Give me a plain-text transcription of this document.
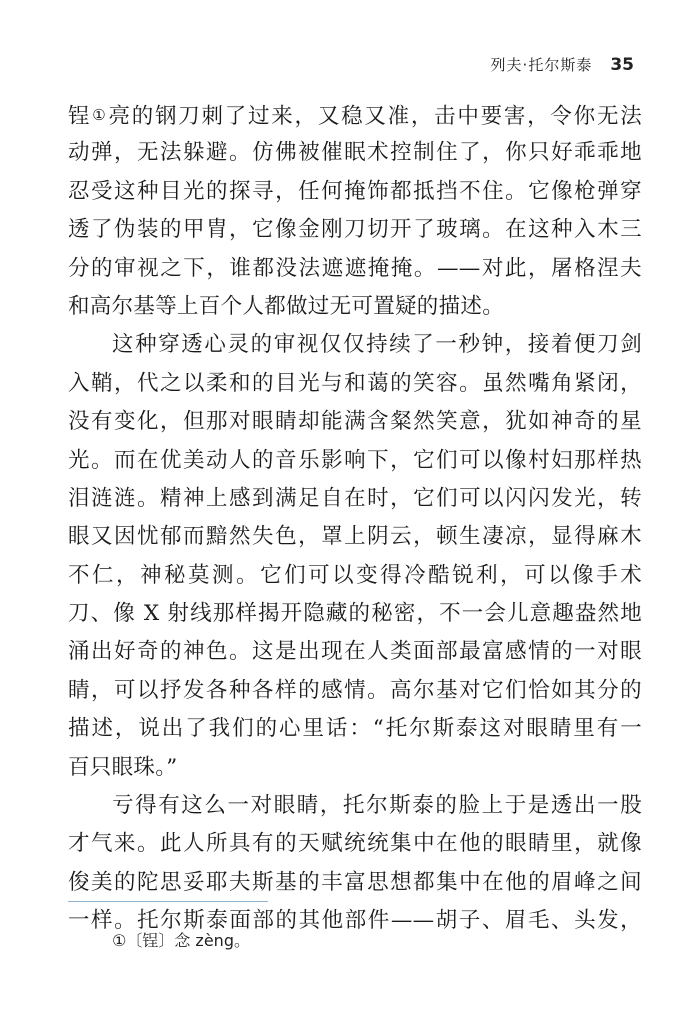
列夫·托尔斯泰 35
锃①亮的钢刀刺了过来，又稳又准，击中要害，令你无法
动弹，无法躲避。仿佛被催眠术控制住了，你只好乖乖地
忍受这种目光的探寻，任何掩饰都抵挡不住。它像枪弹穿
透了伪装的甲胄，它像金刚刀切开了玻璃。在这种入木三
分的审视之下，谁都没法遮遮掩掩。——对此，屠格涅夫
和高尔基等上百个人都做过无可置疑的描述。
这种穿透心灵的审视仅仅持续了一秒钟，接着便刀剑
入鞘，代之以柔和的目光与和蔼的笑容。虽然嘴角紧闭，
没有变化，但那对眼睛却能满含粲然笑意，犹如神奇的星
光。而在优美动人的音乐影响下，它们可以像村妇那样热
泪涟涟。精神上感到满足自在时，它们可以闪闪发光，转
眼又因忧郁而黯然失色，罩上阴云，顿生凄凉，显得麻木
不仁，神秘莫测。它们可以变得冷酷锐利，可以像手术
刀、像 X 射线那样揭开隐藏的秘密，不一会儿意趣盎然地
涌出好奇的神色。这是出现在人类面部最富感情的一对眼
睛，可以抒发各种各样的感情。高尔基对它们恰如其分的
描述，说出了我们的心里话：“托尔斯泰这对眼睛里有一
百只眼珠。”
亏得有这么一对眼睛，托尔斯泰的脸上于是透出一股
才气来。此人所具有的天赋统统集中在他的眼睛里，就像
俊美的陀思妥耶夫斯基的丰富思想都集中在他的眉峰之间
一样。托尔斯泰面部的其他部件——胡子、眉毛、头发，
①〔锃〕念 zèng。
